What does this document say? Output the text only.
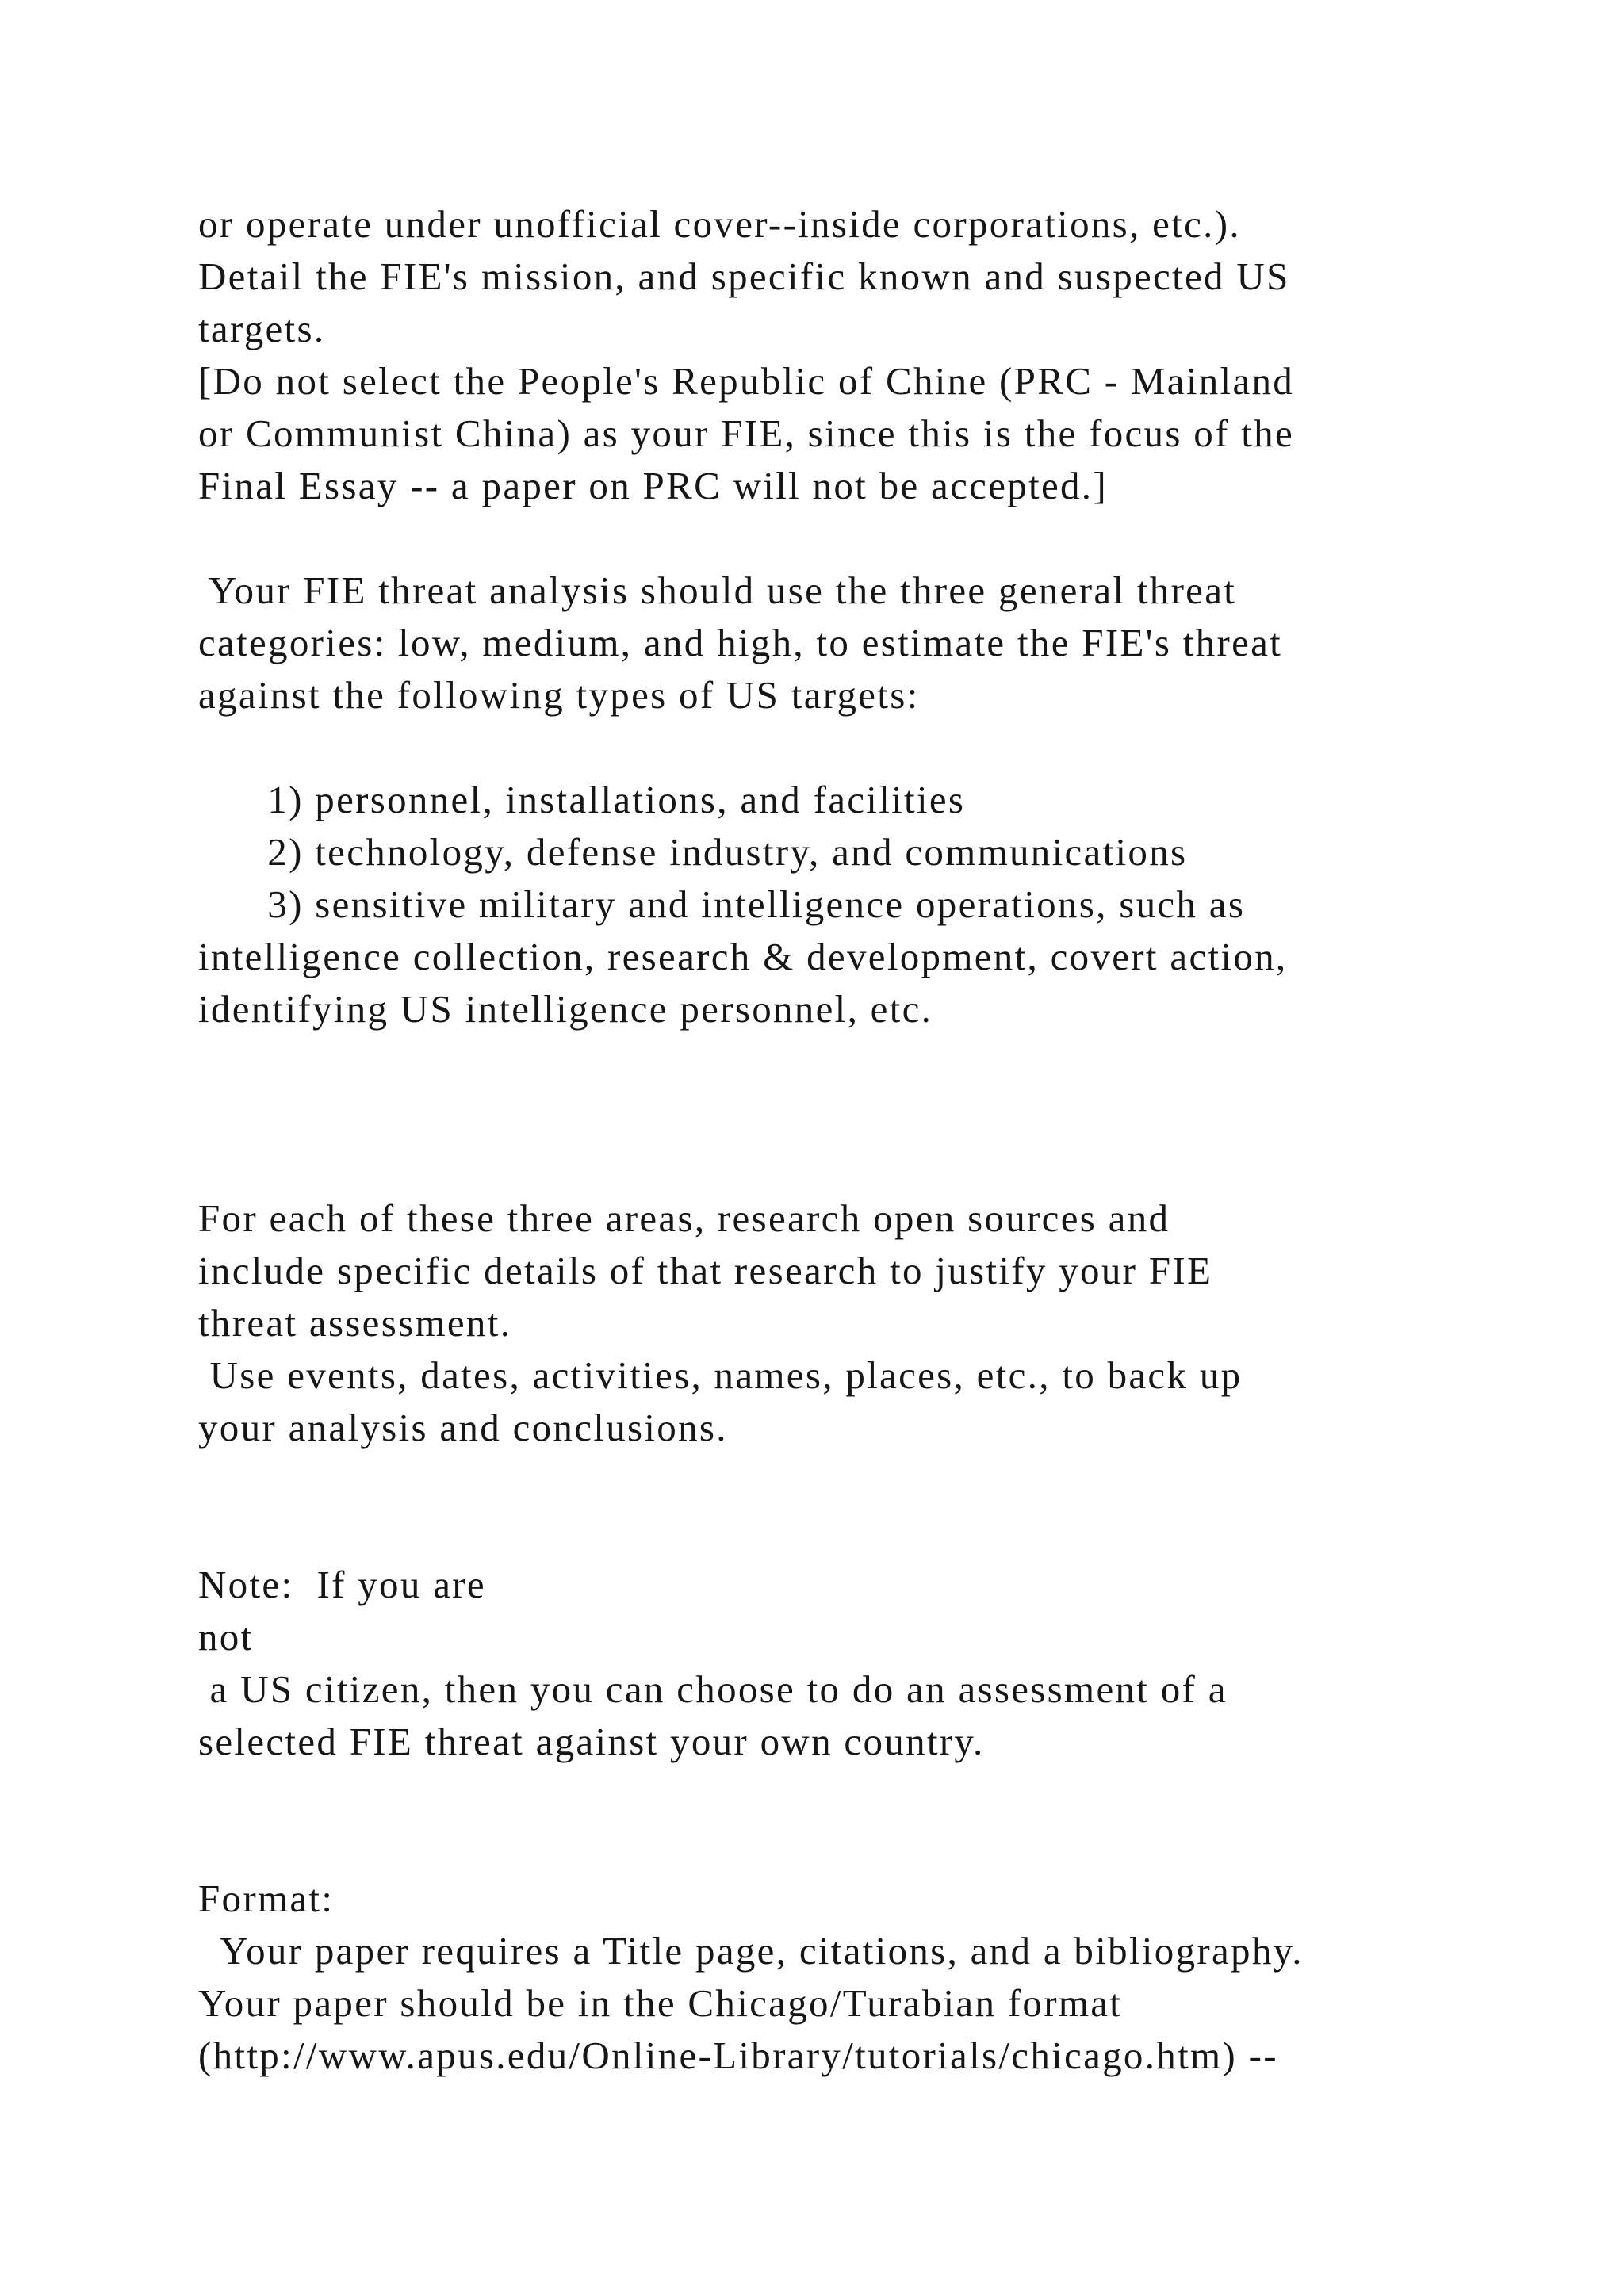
or operate under unofficial cover--inside corporations, etc.).

Detail the FIE's mission, and specific known and suspected US

targets.

[Do not select the People's Republic of Chine (PRC - Mainland

or Communist China) as your FIE, since this is the focus of the

Final Essay -- a paper on PRC will not be accepted.]

Your FIE threat analysis should use the three general threat

categories: low, medium, and high, to estimate the FIE's threat

against the following types of US targets:

1) personnel, installations, and facilities

2) technology, defense industry, and communications

3) sensitive military and intelligence operations, such as

intelligence collection, research & development, covert action,

identifying US intelligence personnel, etc.

For each of these three areas, research open sources and

include specific details of that research to justify your FIE

threat assessment.

Use events, dates, activities, names, places, etc., to back up

your analysis and conclusions.

Note:  If you are

not

a US citizen, then you can choose to do an assessment of a

selected FIE threat against your own country.

Format:

Your paper requires a Title page, citations, and a bibliography.

Your paper should be in the Chicago/Turabian format

(http://www.apus.edu/Online-Library/tutorials/chicago.htm) --
